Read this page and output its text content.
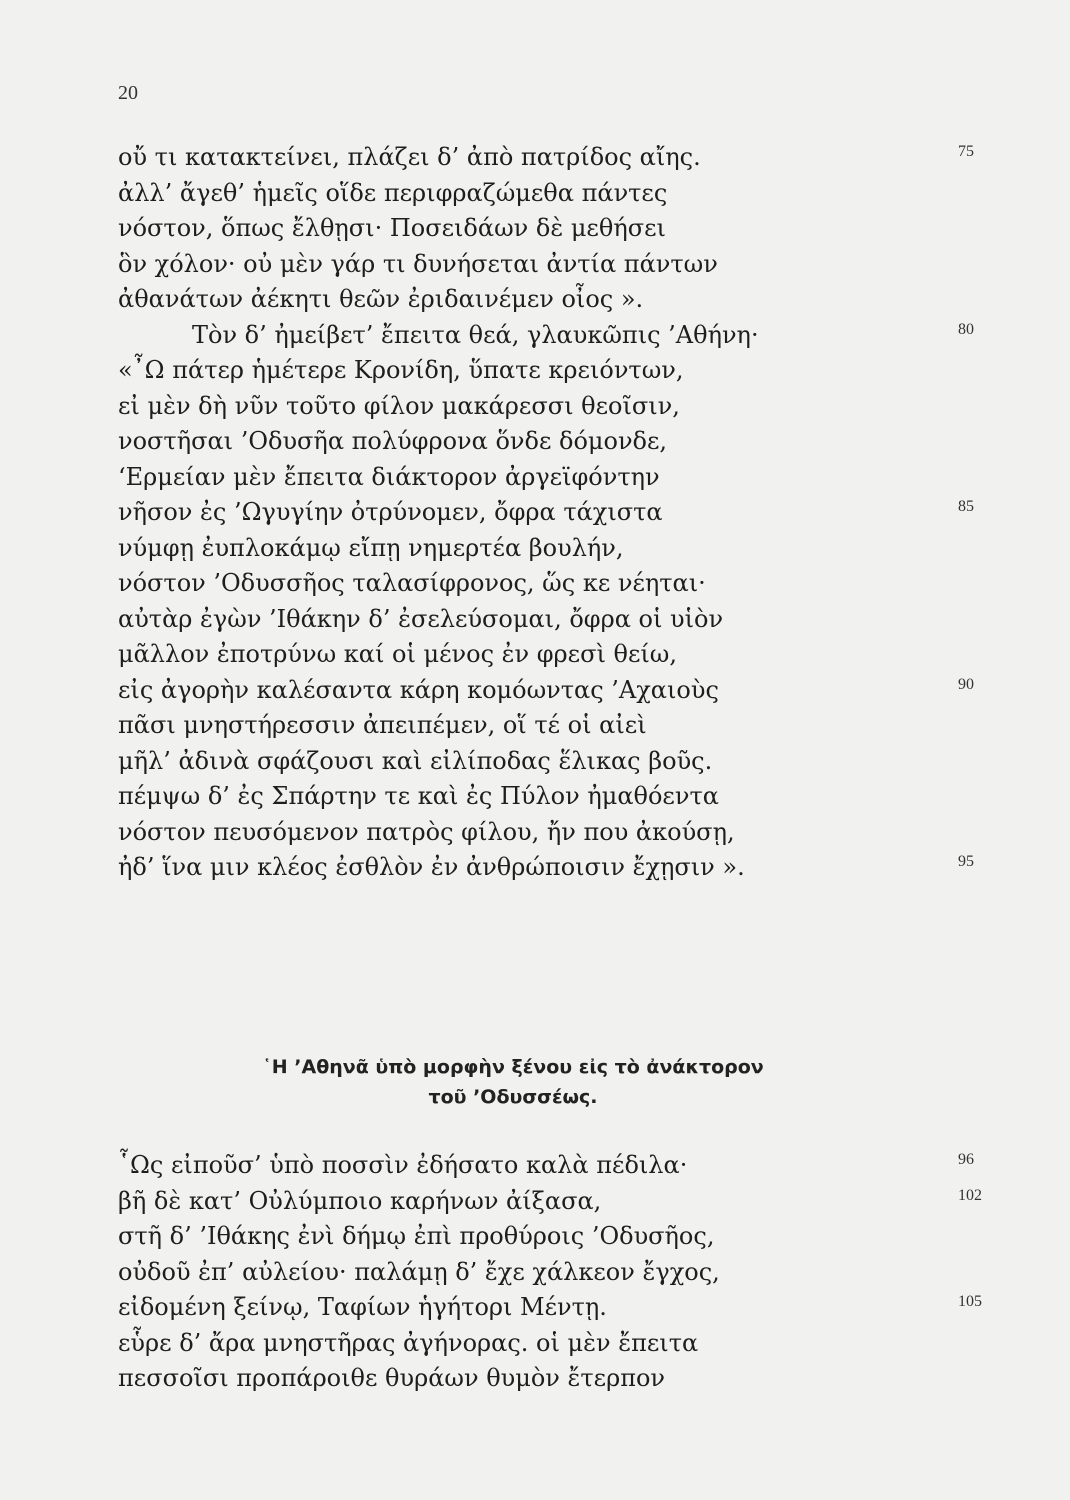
20
οὔ τι κατακτείνει, πλάζει δ’ ἀπὸ πατρίδος αἴης.	75
ἀλλ’ ἄγεθ’ ἡμεῖς οἵδε περιφραζώμεθα πάντες
νόστον, ὅπως ἔλθῃσι· Ποσειδάων δὲ μεθήσει
ὃν χόλον· οὐ μὲν γάρ τι δυνήσεται ἀντία πάντων
ἀθανάτων ἀέκητι θεῶν ἐριδαινέμεν οἶος ».
Τὸν δ’ ἠμείβετ’ ἔπειτα θεά, γλαυκῶπις ’Αθήνη·	80
«῏Ω πάτερ ἡμέτερε Κρονίδη, ὕπατε κρειόντων,
εἰ μὲν δὴ νῦν τοῦτο φίλον μακάρεσσι θεοῖσιν,
νοστῆσαι ’Οδυσῆα πολύφρονα ὅνδε δόμονδε,
‘Ερμείαν μὲν ἔπειτα διάκτορον ἀργεϊφόντην
νῆσον ἐς ’Ωγυγίην ὀτρύνομεν, ὄφρα τάχιστα	85
νύμφῃ ἐυπλοκάμῳ εἴπῃ νημερτέα βουλήν,
νόστον ’Οδυσσῆος ταλασίφρονος, ὥς κε νέηται·
αὐτὰρ ἐγὼν ’Ιθάκην δ’ ἐσελεύσομαι, ὄφρα οἱ υἱὸν
μᾶλλον ἐποτρύνω καί οἱ μένος ἐν φρεσὶ θείω,
εἰς ἀγορὴν καλέσαντα κάρη κομόωντας ’Αχαιοὺς	90
πᾶσι μνηστήρεσσιν ἀπειπέμεν, οἵ τέ οἱ αἰεὶ
μῆλ’ ἀδινὰ σφάζουσι καὶ εἰλίποδας ἕλικας βοῦς.
πέμψω δ’ ἐς Σπάρτην τε καὶ ἐς Πύλον ἠμαθόεντα
νόστον πευσόμενον πατρὸς φίλου, ἤν που ἀκούσῃ,
ἠδ’ ἵνα μιν κλέος ἐσθλὸν ἐν ἀνθρώποισιν ἔχῃσιν ».	95
῾Η ’Αθηνᾶ ὑπὸ μορφὴν ξένου εἰς τὸ ἀνάκτορον
τοῦ ’Οδυσσέως.
῟Ως εἰποῦσ’ ὑπὸ ποσσὶν ἐδήσατο καλὰ πέδιλα·	96
βῆ δὲ κατ’ Οὐλύμποιο καρήνων ἀίξασα,	102
στῆ δ’ ’Ιθάκης ἐνὶ δήμῳ ἐπὶ προθύροις ’Οδυσῆος,
οὐδοῦ ἐπ’ αὐλείου· παλάμῃ δ’ ἔχε χάλκεον ἔγχος,
εἰδομένη ξείνῳ, Ταφίων ἡγήτορι Μέντῃ.	105
εὗρε δ’ ἄρα μνηστῆρας ἀγήνορας. οἱ μὲν ἔπειτα
πεσσοῖσι προπάροιθε θυράων θυμὸν ἔτερπον
